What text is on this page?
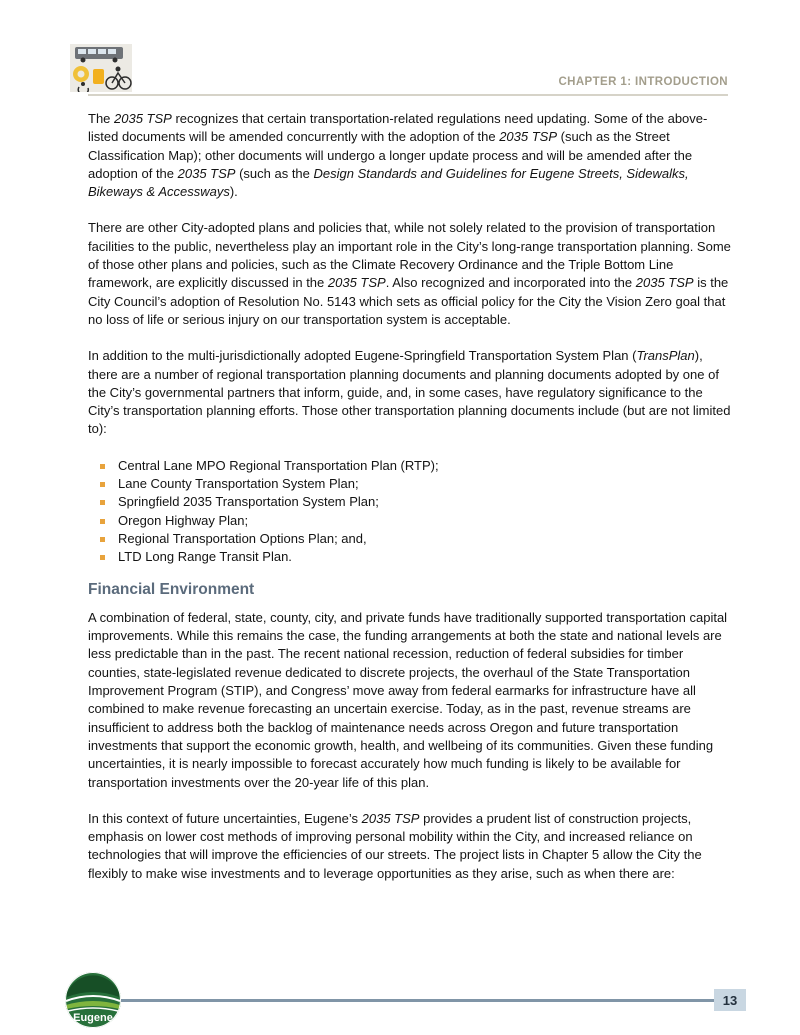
CHAPTER 1: INTRODUCTION

The 2035 TSP recognizes that certain transportation-related regulations need updating. Some of the above-listed documents will be amended concurrently with the adoption of the 2035 TSP (such as the Street Classification Map); other documents will undergo a longer update process and will be amended after the adoption of the 2035 TSP (such as the Design Standards and Guidelines for Eugene Streets, Sidewalks, Bikeways & Accessways).

There are other City-adopted plans and policies that, while not solely related to the provision of transportation facilities to the public, nevertheless play an important role in the City’s long-range transportation planning. Some of those other plans and policies, such as the Climate Recovery Ordinance and the Triple Bottom Line framework, are explicitly discussed in the 2035 TSP. Also recognized and incorporated into the 2035 TSP is the City Council’s adoption of Resolution No. 5143 which sets as official policy for the City the Vision Zero goal that no loss of life or serious injury on our transportation system is acceptable.

In addition to the multi-jurisdictionally adopted Eugene-Springfield Transportation System Plan (TransPlan), there are a number of regional transportation planning documents and planning documents adopted by one of the City’s governmental partners that inform, guide, and, in some cases, have regulatory significance to the City’s transportation planning efforts. Those other transportation planning documents include (but are not limited to):

Central Lane MPO Regional Transportation Plan (RTP);
Lane County Transportation System Plan;
Springfield 2035 Transportation System Plan;
Oregon Highway Plan;
Regional Transportation Options Plan; and,
LTD Long Range Transit Plan.
Financial Environment

A combination of federal, state, county, city, and private funds have traditionally supported transportation capital improvements. While this remains the case, the funding arrangements at both the state and national levels are less predictable than in the past. The recent national recession, reduction of federal subsidies for timber counties, state-legislated revenue dedicated to discrete projects, the overhaul of the State Transportation Improvement Program (STIP), and Congress’ move away from federal earmarks for infrastructure have all combined to make revenue forecasting an uncertain exercise. Today, as in the past, revenue streams are insufficient to address both the backlog of maintenance needs across Oregon and future transportation investments that support the economic growth, health, and wellbeing of its communities. Given these funding uncertainties, it is nearly impossible to forecast accurately how much funding is likely to be available for transportation investments over the 20-year life of this plan.

In this context of future uncertainties, Eugene’s 2035 TSP provides a prudent list of construction projects, emphasis on lower cost methods of improving personal mobility within the City, and increased reliance on technologies that will improve the efficiencies of our streets. The project lists in Chapter 5 allow the City the flexibly to make wise investments and to leverage opportunities as they arise, such as when there are:

Eugene
13
